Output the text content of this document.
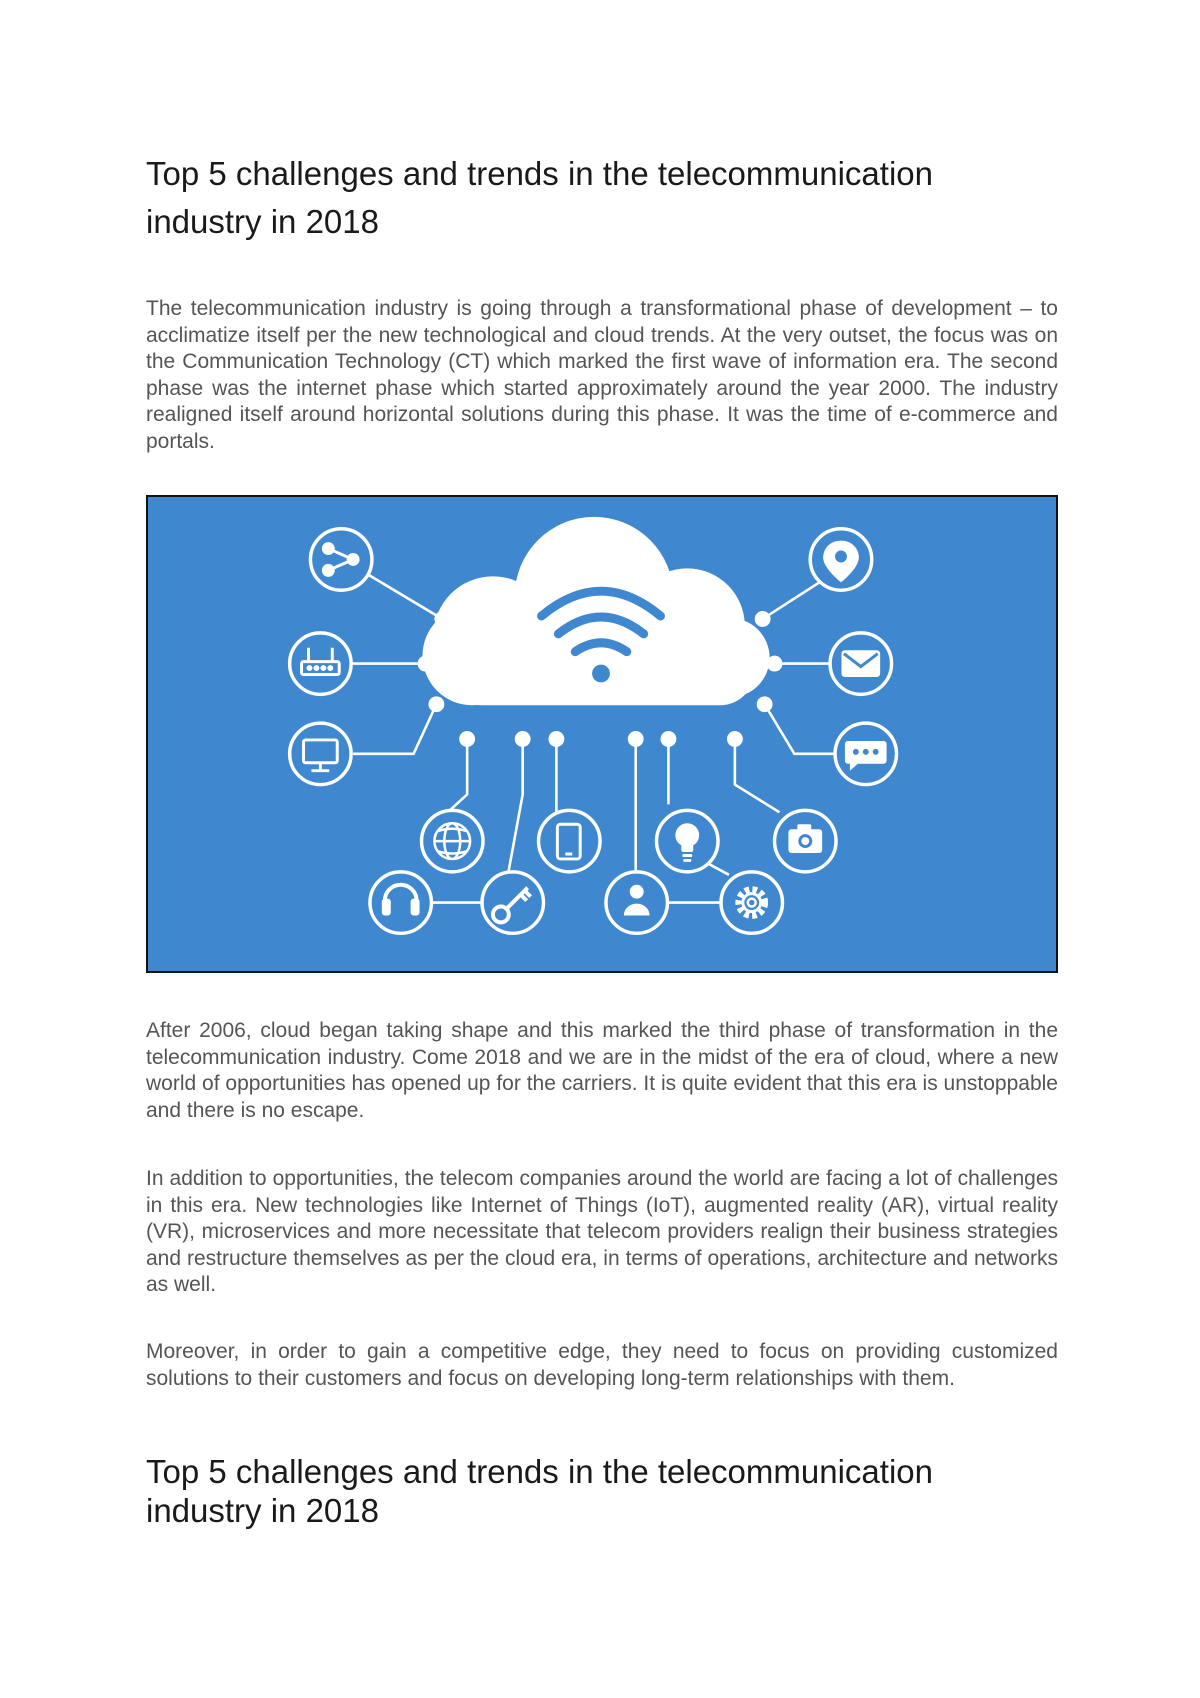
Top 5 challenges and trends in the telecommunication industry in 2018

The telecommunication industry is going through a transformational phase of development – to acclimatize itself per the new technological and cloud trends. At the very outset, the focus was on the Communication Technology (CT) which marked the first wave of information era. The second phase was the internet phase which started approximately around the year 2000. The industry realigned itself around horizontal solutions during this phase. It was the time of e-commerce and portals.

After 2006, cloud began taking shape and this marked the third phase of transformation in the telecommunication industry. Come 2018 and we are in the midst of the era of cloud, where a new world of opportunities has opened up for the carriers. It is quite evident that this era is unstoppable and there is no escape.

In addition to opportunities, the telecom companies around the world are facing a lot of challenges in this era. New technologies like Internet of Things (IoT), augmented reality (AR), virtual reality (VR), microservices and more necessitate that telecom providers realign their business strategies and restructure themselves as per the cloud era, in terms of operations, architecture and networks as well.

Moreover, in order to gain a competitive edge, they need to focus on providing customized solutions to their customers and focus on developing long-term relationships with them.

Top 5 challenges and trends in the telecommunication industry in 2018
